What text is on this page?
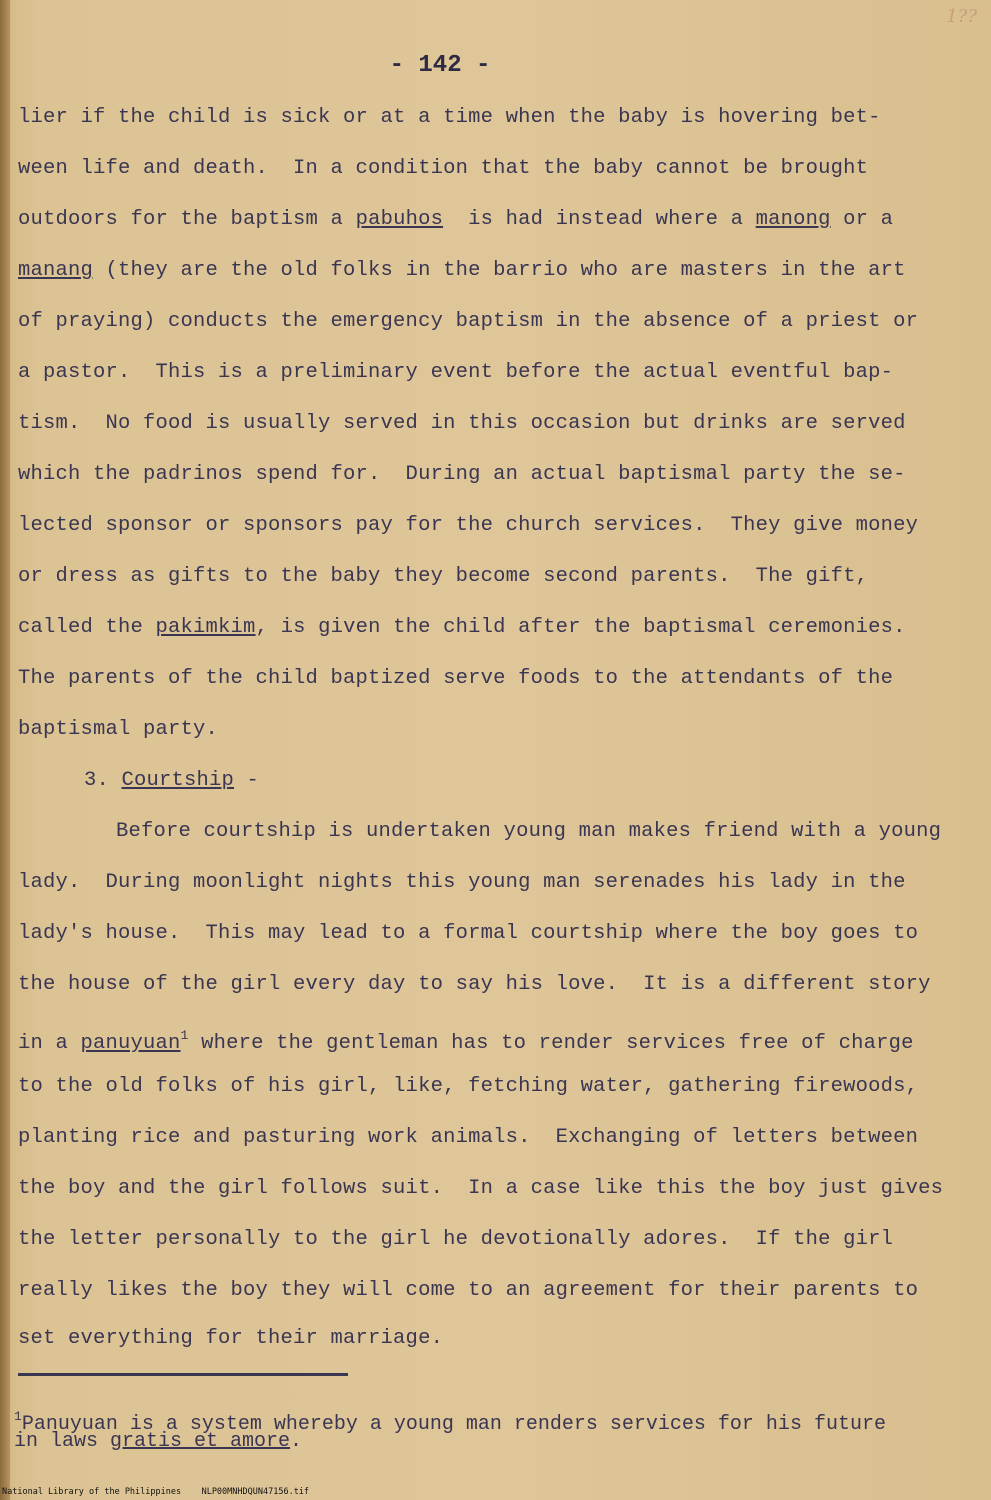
- 142 -
1??
lier if the child is sick or at a time when the baby is hovering bet-
ween life and death.  In a condition that the baby cannot be brought
outdoors for the baptism a pabuhos  is had instead where a manong or a
manang (they are the old folks in the barrio who are masters in the art
of praying) conducts the emergency baptism in the absence of a priest or
a pastor.  This is a preliminary event before the actual eventful bap-
tism.  No food is usually served in this occasion but drinks are served
which the padrinos spend for.  During an actual baptismal party the se-
lected sponsor or sponsors pay for the church services.  They give money
or dress as gifts to the baby they become second parents.  The gift,
called the pakimkim, is given the child after the baptismal ceremonies.
The parents of the child baptized serve foods to the attendants of the
baptismal party.
3. Courtship -
Before courtship is undertaken young man makes friend with a young
lady.  During moonlight nights this young man serenades his lady in the
lady's house.  This may lead to a formal courtship where the boy goes to
the house of the girl every day to say his love.  It is a different story
in a panuyuan$^1$ where the gentleman has to render services free of charge
to the old folks of his girl, like, fetching water, gathering firewoods,
planting rice and pasturing work animals.  Exchanging of letters between
the boy and the girl follows suit.  In a case like this the boy just gives
the letter personally to the girl he devotionally adores.  If the girl
really likes the boy they will come to an agreement for their parents to
set everything for their marriage.
$^1$Panuyuan is a system whereby a young man renders services for his future
in laws gratis et amore.
National Library of the Philippines    NLP00MNHDQUN47156.tif
